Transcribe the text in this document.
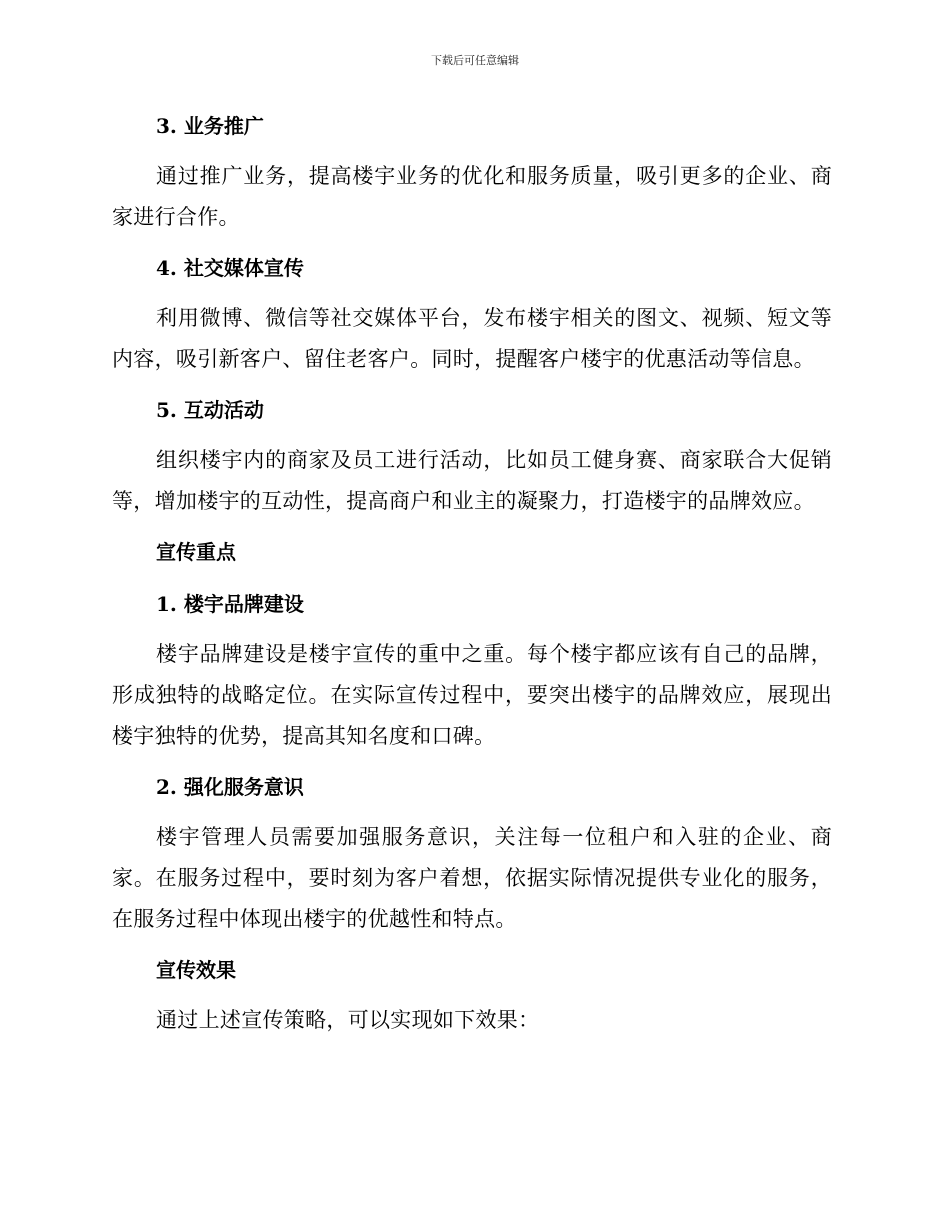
下载后可任意编辑
3. 业务推广

通过推广业务，提高楼宇业务的优化和服务质量，吸引更多的企业、商家进行合作。

4. 社交媒体宣传

利用微博、微信等社交媒体平台，发布楼宇相关的图文、视频、短文等内容，吸引新客户、留住老客户。同时，提醒客户楼宇的优惠活动等信息。

5. 互动活动

组织楼宇内的商家及员工进行活动，比如员工健身赛、商家联合大促销等，增加楼宇的互动性，提高商户和业主的凝聚力，打造楼宇的品牌效应。

宣传重点
1. 楼宇品牌建设

楼宇品牌建设是楼宇宣传的重中之重。每个楼宇都应该有自己的品牌，形成独特的战略定位。在实际宣传过程中，要突出楼宇的品牌效应，展现出楼宇独特的优势，提高其知名度和口碑。

2. 强化服务意识

楼宇管理人员需要加强服务意识，关注每一位租户和入驻的企业、商家。在服务过程中，要时刻为客户着想，依据实际情况提供专业化的服务，在服务过程中体现出楼宇的优越性和特点。

宣传效果

通过上述宣传策略，可以实现如下效果：
